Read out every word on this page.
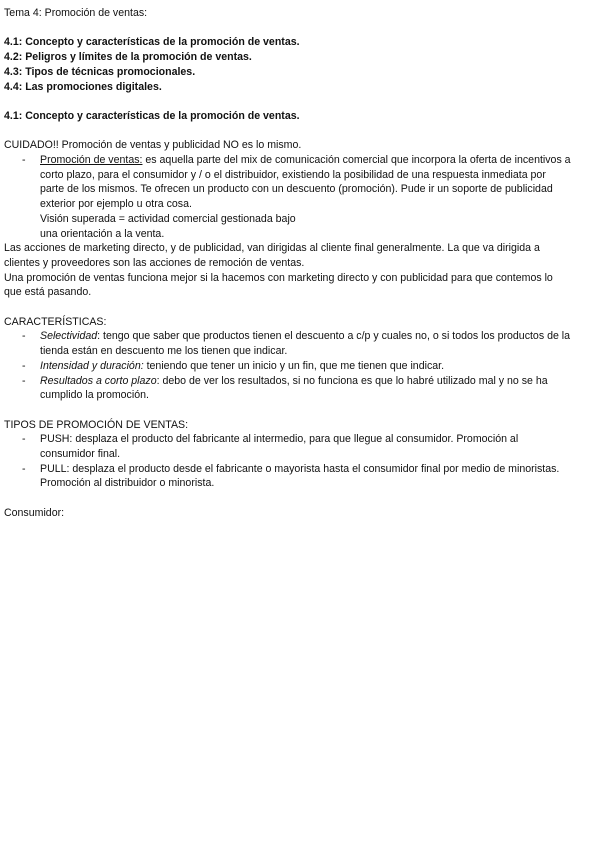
Tema 4: Promoción de ventas:
4.1: Concepto y características de la promoción de ventas.
4.2: Peligros y límites de la promoción de ventas.
4.3: Tipos de técnicas promocionales.
4.4: Las promociones digitales.
4.1: Concepto y características de la promoción de ventas.
CUIDADO!! Promoción de ventas y publicidad NO es lo mismo.
- Promoción de ventas: es aquella parte del mix de comunicación comercial que incorpora la oferta de incentivos a
corto plazo, para el consumidor y / o el distribuidor, existiendo la posibilidad de una respuesta inmediata por
parte de los mismos. Te ofrecen un producto con un descuento (promoción). Pude ir un soporte de publicidad
exterior por ejemplo u otra cosa.
Visión superada = actividad comercial gestionada bajo
una orientación a la venta.
Las acciones de marketing directo, y de publicidad, van dirigidas al cliente final generalmente. La que va dirigida a
clientes y proveedores son las acciones de remoción de ventas.
Una promoción de ventas funciona mejor si la hacemos con marketing directo y con publicidad para que contemos lo
que está pasando.
CARACTERÍSTICAS:
- Selectividad: tengo que saber que productos tienen el descuento a c/p y cuales no, o si todos los productos de la
tienda están en descuento me los tienen que indicar.
- Intensidad y duración: teniendo que tener un inicio y un fin, que me tienen que indicar.
- Resultados a corto plazo: debo de ver los resultados, si no funciona es que lo habré utilizado mal y no se ha
cumplido la promoción.
TIPOS DE PROMOCIÓN DE VENTAS:
- PUSH: desplaza el producto del fabricante al intermedio, para que llegue al consumidor. Promoción al
consumidor final.
- PULL: desplaza el producto desde el fabricante o mayorista hasta el consumidor final por medio de minoristas.
Promoción al distribuidor o minorista.
Consumidor:
